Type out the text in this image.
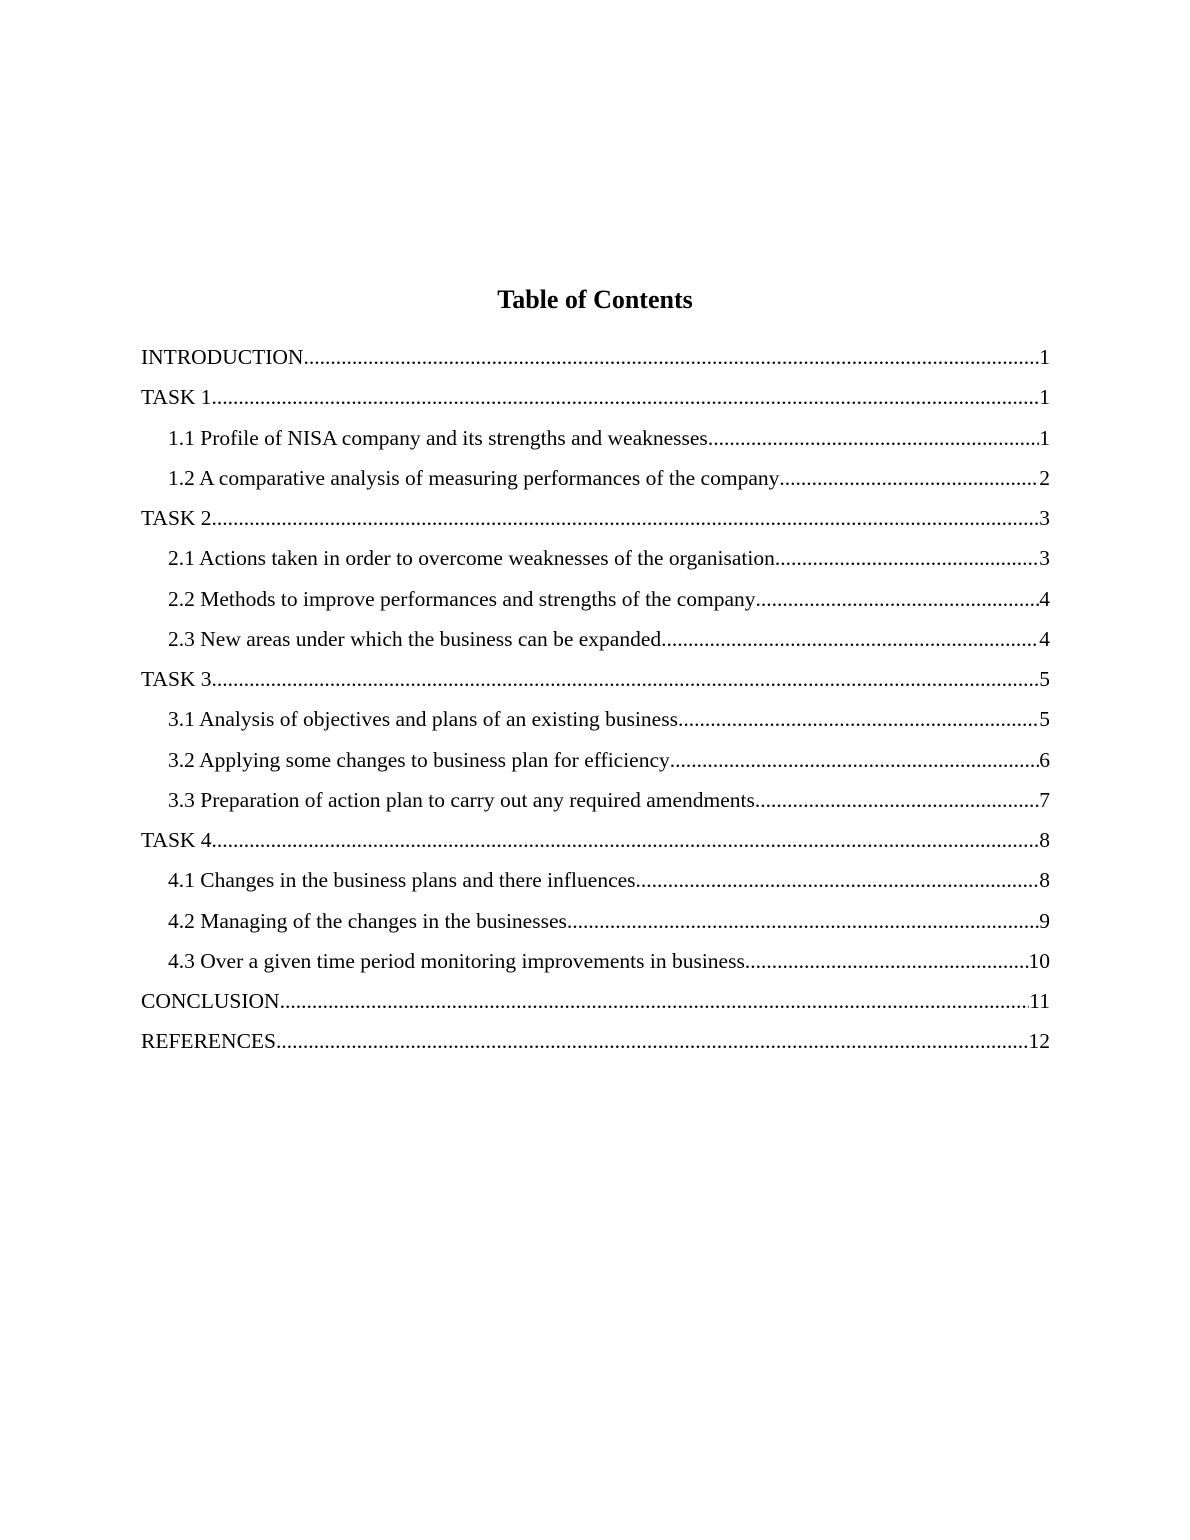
Table of Contents
INTRODUCTION .....	1
TASK 1 .....	1
1.1 Profile of NISA company and its strengths and weaknesses .....	1
1.2 A comparative analysis of measuring performances of the company .....	2
TASK 2 .....	3
2.1 Actions taken in order to overcome weaknesses of the organisation. .....	3
2.2 Methods to improve performances and strengths of the company .....	4
2.3 New areas under which the business can be expanded .....	4
TASK 3 .....	5
3.1 Analysis of objectives and plans of an existing business .....	5
3.2 Applying some changes to business plan for efficiency .....	6
3.3 Preparation of action plan to carry out any required amendments .....	7
TASK 4 .....	8
4.1 Changes in the business plans and there influences .....	8
4.2 Managing of the changes in the businesses .....	9
4.3 Over a given time period monitoring improvements in business .....	10
CONCLUSION .....	11
REFERENCES .....	12
